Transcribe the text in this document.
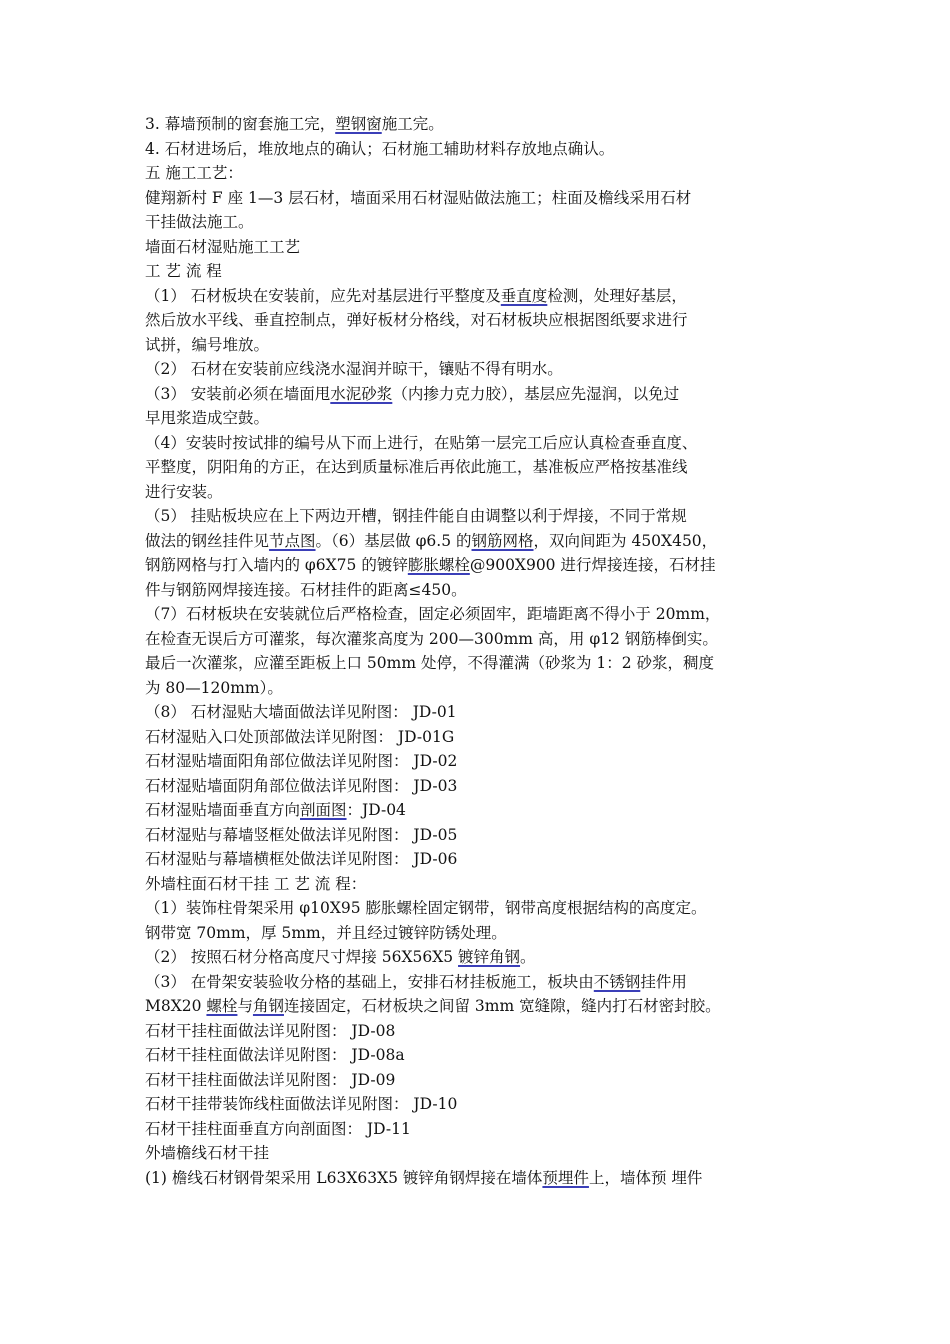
3. 幕墙预制的窗套施工完，塑钢窗施工完。
4. 石材进场后，堆放地点的确认；石材施工辅助材料存放地点确认。
五 施工工艺：
健翔新村 F 座 1—3 层石材，墙面采用石材湿贴做法施工；柱面及檐线采用石材
干挂做法施工。
墙面石材湿贴施工工艺
工 艺 流 程
（1） 石材板块在安装前，应先对基层进行平整度及垂直度检测，处理好基层，
然后放水平线、垂直控制点，弹好板材分格线，对石材板块应根据图纸要求进行
试拼，编号堆放。
（2） 石材在安装前应线浇水湿润并晾干，镶贴不得有明水。
（3） 安装前必须在墙面甩水泥砂浆（内掺力克力胶），基层应先湿润，以免过
早甩浆造成空鼓。
（4）安装时按试排的编号从下而上进行，在贴第一层完工后应认真检查垂直度、
平整度，阴阳角的方正，在达到质量标准后再依此施工，基准板应严格按基准线
进行安装。
（5） 挂贴板块应在上下两边开槽，钢挂件能自由调整以利于焊接，不同于常规
做法的钢丝挂件见节点图。（6）基层做 φ6.5 的钢筋网格，双向间距为 450X450，
钢筋网格与打入墙内的 φ6X75 的镀锌膨胀螺栓@900X900 进行焊接连接，石材挂
件与钢筋网焊接连接。石材挂件的距离≤450。
（7）石材板块在安装就位后严格检查，固定必须固牢，距墙距离不得小于 20mm，
在检查无误后方可灌浆，每次灌浆高度为 200—300mm 高，用 φ12 钢筋棒倒实。
最后一次灌浆，应灌至距板上口 50mm 处停，不得灌满（砂浆为 1：2 砂浆，稠度
为 80—120mm）。
（8） 石材湿贴大墙面做法详见附图： JD-01
石材湿贴入口处顶部做法详见附图： JD-01G
石材湿贴墙面阳角部位做法详见附图： JD-02
石材湿贴墙面阴角部位做法详见附图： JD-03
石材湿贴墙面垂直方向剖面图：JD-04
石材湿贴与幕墙竖框处做法详见附图： JD-05
石材湿贴与幕墙横框处做法详见附图： JD-06
外墙柱面石材干挂 工 艺 流 程：
（1）装饰柱骨架采用 φ10X95 膨胀螺栓固定钢带，钢带高度根据结构的高度定。
钢带宽 70mm，厚 5mm，并且经过镀锌防锈处理。
（2） 按照石材分格高度尺寸焊接 56X56X5 镀锌角钢。
（3） 在骨架安装验收分格的基础上，安排石材挂板施工，板块由不锈钢挂件用
M8X20 螺栓与角钢连接固定，石材板块之间留 3mm 宽缝隙，缝内打石材密封胶。
石材干挂柱面做法详见附图： JD-08
石材干挂柱面做法详见附图： JD-08a
石材干挂柱面做法详见附图： JD-09
石材干挂带装饰线柱面做法详见附图： JD-10
石材干挂柱面垂直方向剖面图： JD-11
外墙檐线石材干挂
(1) 檐线石材钢骨架采用 L63X63X5 镀锌角钢焊接在墙体预埋件上，墙体预 埋件
